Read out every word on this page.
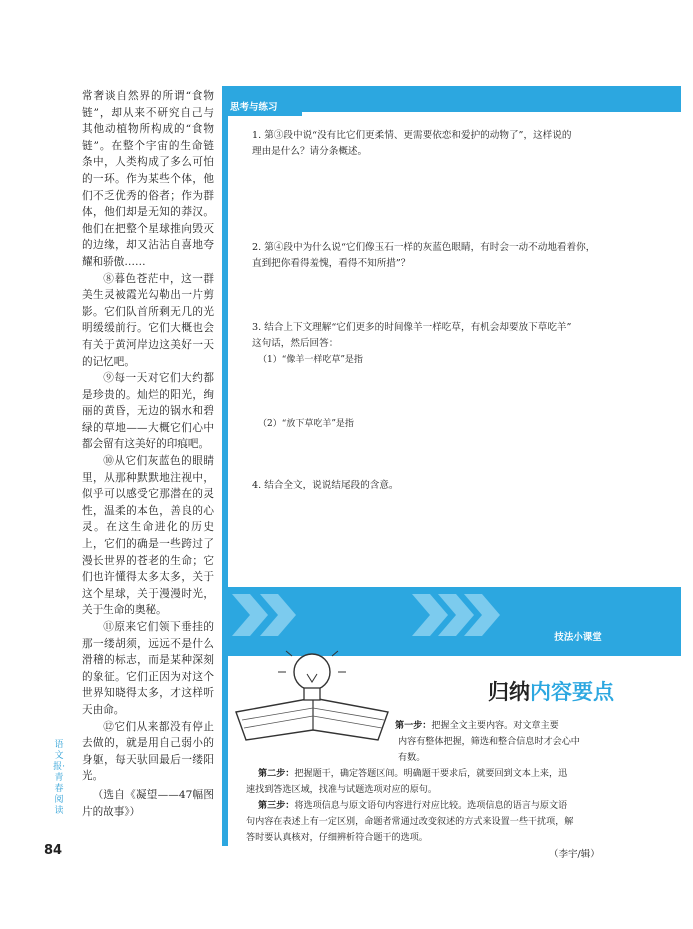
常奢谈自然界的所谓“食物链”，却从来不研究自己与其他动植物所构成的“食物链”。在整个宇宙的生命链条中，人类构成了多么可怕的一环。作为某些个体，他们不乏优秀的俗者；作为群体，他们却是无知的莽汉。他们在把整个星球推向毁灭的边缘，却又沾沾自喜地夸耀和骄傲……

⑧暮色苍茫中，这一群美生灵被霞光勾勒出一片剪影。它们队首所剩无几的光明缓缓前行。它们大概也会有关于黄河岸边这美好一天的记忆吧。

⑨每一天对它们大约都是珍贵的。灿烂的阳光，绚丽的黄昏，无边的锅水和碧绿的草地——大概它们心中都会留有这美好的印痕吧。

⑩从它们灰蓝色的眼睛里，从那种默默地注视中，似乎可以感受它那潜在的灵性，温柔的本色，善良的心灵。在这生命进化的历史上，它们的确是一些跨过了漫长世界的苍老的生命；它们也许懂得太多太多，关于这个星球，关于漫漫时光，关于生命的奥秘。

⑪原来它们领下垂挂的那一缕胡须，远远不是什么滑稽的标志，而是某种深刻的象征。它们正因为对这个世界知晓得太多，才这样听天由命。

⑫它们从来都没有停止去做的，就是用自己弱小的身躯，每天驮回最后一缕阳光。

（选自《凝望——47幅图片的故事》）

语文报·青春阅读
84
思考与练习
1. 第③段中说“没有比它们更柔情、更需要依恋和爱护的动物了”，这样说的
理由是什么？请分条概述。
2. 第④段中为什么说“它们像玉石一样的灰蓝色眼睛，有时会一动不动地看着你，
直到把你看得羞愧，看得不知所措”？
3. 结合上下文理解“它们更多的时间像羊一样吃草，有机会却要放下草吃羊”
这句话，然后回答：
（1）“像羊一样吃草”是指
（2）“放下草吃羊”是指
4. 结合全文，说说结尾段的含意。
技法小课堂
归纳内容要点
第一步：把握全文主要内容。对文章主要
内容有整体把握，筛选和整合信息时才会心中
有数。
第二步：把握题干，确定答题区间。明确题干要求后，就要回到文本上来，迅
速找到答选区域，找准与试题选项对应的原句。
第三步：将选项信息与原文语句内容进行对应比较。选项信息的语言与原文语
句内容在表述上有一定区别，命题者常通过改变叙述的方式来设置一些干扰项，解
答时要认真核对，仔细辨析符合题干的选项。
（李宇/辑）
